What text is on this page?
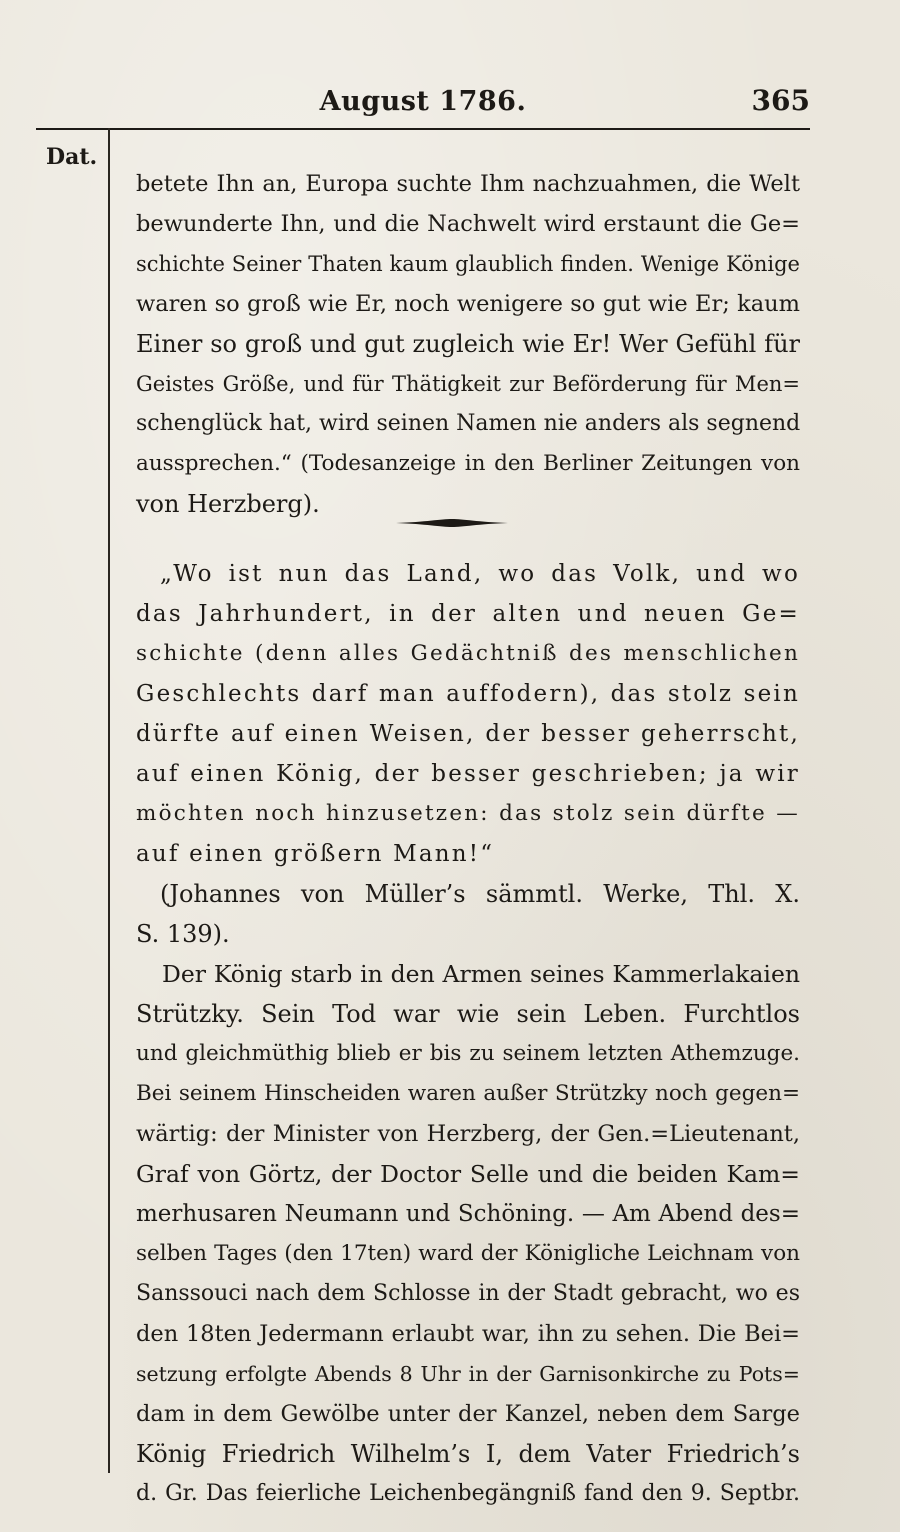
August 1786.	365
Dat.
betete Ihn an, Europa suchte Ihm nachzuahmen, die Welt
bewunderte Ihn, und die Nachwelt wird erstaunt die Ge=
schichte Seiner Thaten kaum glaublich finden. Wenige Könige
waren so groß wie Er, noch wenigere so gut wie Er; kaum
Einer so groß und gut zugleich wie Er! Wer Gefühl für
Geistes Größe, und für Thätigkeit zur Beförderung für Men=
schenglück hat, wird seinen Namen nie anders als segnend
aussprechen.“ (Todesanzeige in den Berliner Zeitungen von
von Herzberg).
„Wo ist nun das Land, wo das Volk, und wo
das Jahrhundert, in der alten und neuen Ge=
schichte (denn alles Gedächtniß des menschlichen
Geschlechts darf man auffodern), das stolz sein
dürfte auf einen Weisen, der besser geherrscht,
auf einen König, der besser geschrieben; ja wir
möchten noch hinzusetzen: das stolz sein dürfte —
auf einen größern Mann!“
(Johannes von Müller’s sämmtl. Werke, Thl. X.
S. 139).
Der König starb in den Armen seines Kammerlakaien
Strützky. Sein Tod war wie sein Leben. Furchtlos
und gleichmüthig blieb er bis zu seinem letzten Athemzuge.
Bei seinem Hinscheiden waren außer Strützky noch gegen=
wärtig: der Minister von Herzberg, der Gen.=Lieutenant,
Graf von Görtz, der Doctor Selle und die beiden Kam=
merhusaren Neumann und Schöning. — Am Abend des=
selben Tages (den 17ten) ward der Königliche Leichnam von
Sanssouci nach dem Schlosse in der Stadt gebracht, wo es
den 18ten Jedermann erlaubt war, ihn zu sehen. Die Bei=
setzung erfolgte Abends 8 Uhr in der Garnisonkirche zu Pots=
dam in dem Gewölbe unter der Kanzel, neben dem Sarge
König Friedrich Wilhelm’s I, dem Vater Friedrich’s
d. Gr. Das feierliche Leichenbegängniß fand den 9. Septbr.
